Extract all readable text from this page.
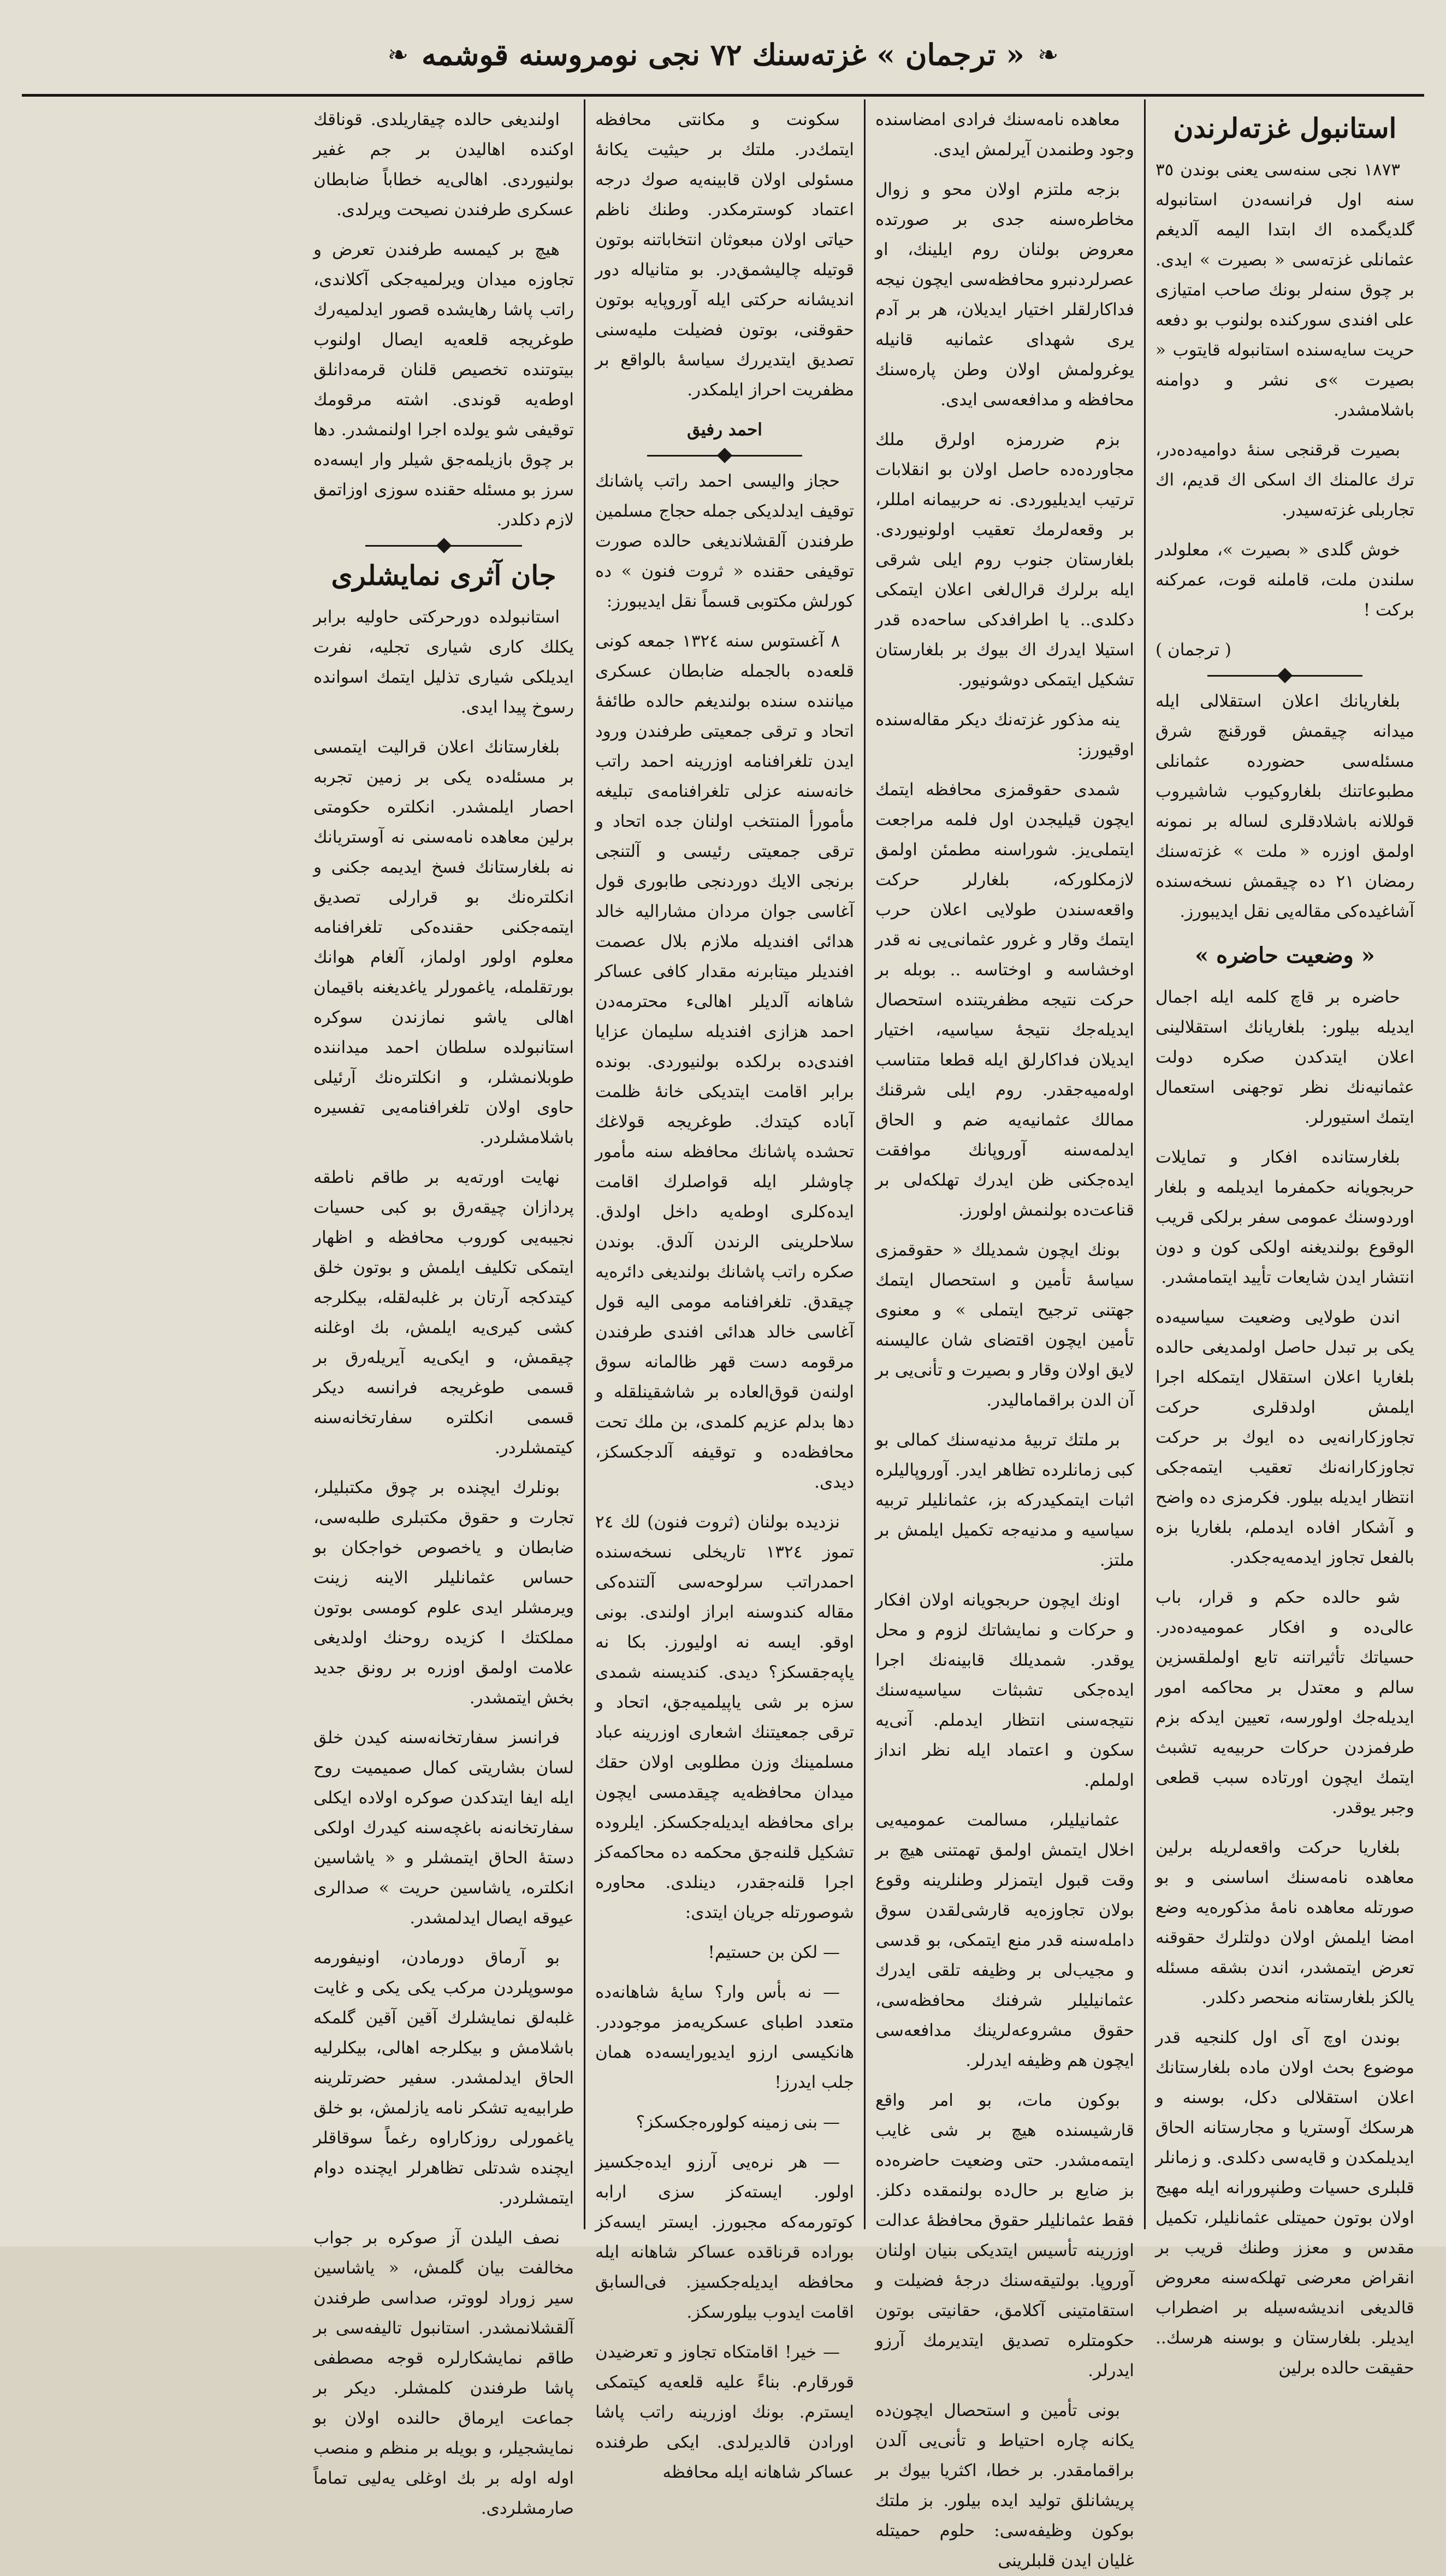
❧
« ترجمان » غزته‌سنك ٧٢ نجی نومروسنه قوشمه
❧
استانبول غزته‌لرندن

١٨٧٣ نجی سنه‌سی یعنی بوندن ٣٥ سنه اول فرانسه‌دن استانبوله گلدیگمده اك ابتدا الیمه آلدیغم عثمانلی غزته‌سی « بصیرت » ایدی. بر چوق سنه‌لر بونك صاحب امتیازی علی افندی سورکنده بولنوب بو دفعه حریت سایه‌سنده استانبوله قایتوب « بصیرت »ی نشر و دوامنه باشلامشدر.

بصیرت قرقنجی سنه‌ٔ دوامیه‌ده‌در، ترك عالمنك اك اسکی اك قدیم، اك تجاربلی غزته‌سیدر.

خوش گلدی « بصیرت »، معلولدر سلندن ملت، قاملنه قوت، عمرکنه برکت !

( ترجمان )

بلغاریانك اعلان استقلالی ایله میدانه چیقمش قورقنچ شرق مسئله‌سی حضورده عثمانلی مطبوعاتنك بلغاروکیوب شاشیروب قوللانه باشلادقلری لساله بر نمونه اولمق اوزره « ملت » غزته‌سنك رمضان ٢١ ده چیقمش نسخه‌سنده آشاغیده‌کی مقاله‌یی نقل ایدیبورز.

« وضعیت حاضره »

حاضره بر قاچ کلمه ایله اجمال ایدیله بیلور: بلغاریانك استقلالینی اعلان ایتدکدن صکره دولت عثمانیه‌نك نظر توجهنی استعمال ایتمك استیورلر.

بلغارستانده افکار و تمایلات حربجویانه حکمفرما ایدیلمه و بلغار اوردوسنك عمومی سفر برلکی قریب الوقوع بولندیغنه اولکی کون و دون انتشار ایدن شایعات تأیید ایتمامشدر.

اندن طولایی وضعیت سیاسیه‌ده یکی بر تبدل حاصل اولمدیغی حالده بلغاریا اعلان استقلال ایتمکله اجرا ایلمش اولدقلری حرکت تجاوزکارانه‌یی ده ایوك بر حرکت تجاوزکارانه‌نك تعقیب ایتمه‌جکی انتظار ایدیله بیلور. فکرمزی ده واضح و آشکار افاده ایدملم، بلغاریا بزه بالفعل تجاوز ایدمه‌یه‌جکدر.

شو حالده حکم و قرار، باب عالی‌ده و افکار عمومیه‌ده‌در. حسیاتك تأثیراتنه تابع اولملقسزین سالم و معتدل بر محاکمه امور ایدیله‌جك اولورسه، تعیین ایدکه بزم طرفمزدن حرکات حربیه‌یه تشبث ایتمك ایچون اورتاده سبب قطعی وجبر یوقدر.

بلغاریا حرکت واقعه‌لریله برلین معاهده نامه‌سنك اساسنی و بو صورتله معاهده نامهٔ مذکوره‌یه وضع امضا ایلمش اولان دولتلرك حقوقنه تعرض ایتمشدر، اندن بشقه مسئله یالکز بلغارستانه منحصر دکلدر.

بوندن اوچ آی اول کلنجیه قدر موضوع بحث اولان ماده بلغارستانك اعلان استقلالی دکل، بوسنه و هرسکك آوستریا و مجارستانه الحاق ایدیلمکدن و قایه‌سی دکلدی. و زمانلر قلبلری حسیات وطنپرورانه ایله مهیج اولان بوتون حمیتلی عثمانلیلر، تکمیل مقدس و معزز وطنك قریب بر انقراض معرضی تهلکه‌سنه معروض قالدیغی اندیشه‌سیله بر اضطراب ایدیلر. بلغارستان و بوسنه هرسك.. حقیقت حالده برلین

معاهده نامه‌سنك فرادی امضاسنده وجود وطنمدن آیرلمش ایدی.

بزجه ملتزم اولان محو و زوال مخاطره‌سنه جدی بر صورتده معروض بولنان روم ایلینك، او عصرلردنبرو محافظه‌سی ایچون نیجه فداکارلقلر اختیار ایدیلان، هر بر آدم یری شهدای عثمانیه قانیله یوغرولمش اولان وطن پاره‌سنك محافظه و مدافعه‌سی ایدی.

بزم ضررمزه اولرق ملك مجاورده‌ده حاصل اولان بو انقلابات ترتیب ایدیلیوردی. نه حربیمانه امللر، بر وقعه‌لرمك تعقیب اولونیوردی. بلغارستان جنوب روم ایلی شرقی ایله برلرك قرال‌لغی اعلان ایتمکی دکلدی.. یا اطرافدکی ساحه‌ده قدر استیلا ایدرك اك بیوك بر بلغارستان تشکیل ایتمکی دوشونیور.

ینه مذکور غزته‌نك دیکر مقاله‌سنده اوقیورز:

شمدی حقوقمزی محافظه ایتمك ایچون قیلیجدن اول فلمه مراجعت ایتملی‌یز. شوراسنه مطمئن اولمق لازمکلورکه، بلغارلر حرکت واقعه‌سندن طولایی اعلان حرب ایتمك وقار و غرور عثمانی‌یی نه قدر اوخشاسه و اوختاسه .. بوبله بر حرکت نتیجه مظفریتنده استحصال ایدیله‌جك نتیجهٔ سیاسیه، اختیار ایدیلان فداکارلق ایله قطعا متناسب اوله‌میه‌جقدر. روم ایلی شرقنك ممالك عثمانیه‌یه ضم و الحاق ایدلمه‌سنه آوروپانك موافقت ایده‌جکنی ظن ایدرك تهلکه‌لی بر قناعت‌ده بولنمش اولورز.

بونك ایچون شمدیلك « حقوقمزی سیاسهٔ تأمین و استحصال ایتمك جهتنی ترجیح ایتملی » و معنوی تأمین ایچون اقتضای شان عالیسنه لایق اولان وقار و بصیرت و تأنی‌یی بر آن الدن براقمامالیدر.

بر ملتك تربیهٔ مدنیه‌سنك کمالی بو کبی زمانلرده تظاهر ایدر. آوروپالیلره اثبات ایتمکیدرکه بز، عثمانلیلر تربیه سیاسیه و مدنیه‌جه تکمیل ایلمش بر ملتز.

اونك ایچون حربجویانه اولان افکار و حرکات و نمایشاتك لزوم و محل یوقدر. شمدیلك قابینه‌نك اجرا ایده‌جکی تشبثات سیاسیه‌سنك نتیجه‌سنی انتظار ایدملم. آنی‌یه سکون و اعتماد ایله نظر انداز اولملم.

عثمانیلیلر، مسالمت عمومیه‌یی اخلال ایتمش اولمق تهمتنی هیچ بر وقت قبول ایتمزلر وطنلرینه وقوع بولان تجاوزه‌یه قارشی‌لقدن سوق دامله‌سنه قدر منع ایتمکی، بو قدسی و مجیب‌لی بر وظیفه تلقی ایدرك عثمانیلیلر شرفنك محافظه‌سی، حقوق مشروعه‌لرینك مدافعه‌سی ایچون هم وظیفه ایدرلر.

بوکون مات، بو امر واقع قارشیسنده هیچ بر شی غایب ایتمه‌مشدر. حتی وضعیت حاضره‌ده بز ضایع بر حال‌ده بولنمقده دکلز. فقط عثمانلیلر حقوق محافظهٔ عدالت اوزرینه تأسیس ایتدیکی بنیان اولنان آوروپا. بولتیقه‌سنك درجهٔ فضیلت و استقامتینی آکلامق، حقانیتی بوتون حکومتلره تصدیق ایتدیرمك آرزو ایدرلر.

بونی تأمین و استحصال ایچون‌ده یکانه چاره احتیاط و تأنی‌یی آلدن براقمامقدر. بر خطا، اکثریا بیوك بر پریشانلق تولید ایده بیلور. بز ملتك بوکون وظیفه‌سی: حلوم حمیتله غلیان ایدن قلبلرینی

سکونت و مکانتی محافظه ایتمك‌در. ملتك بر حیثیت یکانهٔ مسئولی اولان قابینه‌یه صوك درجه اعتماد کوسترمکدر. وطنك ناظم حیاتی اولان مبعوثان انتخاباتنه بوتون قوتیله چالیشمق‌در. بو متانیاله دور اندیشانه حرکتی ایله آوروپایه بوتون حقوقنی، بوتون فضیلت ملیه‌سنی تصدیق ایتدیررك سیاسهٔ بالواقع بر مظفریت احراز ایلمکدر.

احمد رفیق

حجاز والیسی احمد راتب پاشانك توقیف ایدلدیکی جمله حجاج مسلمین طرفندن آلقشلاندیغی حالده صورت توقیفی حقنده « ثروت فنون » ده کورلش مکتوبی قسماً نقل ایدیبورز:

٨ آغستوس سنه ١٣٢٤ جمعه کونی قلعه‌ده بالجمله ضابطان عسکری میاننده سنده بولندیغم حالده طائفهٔ اتحاد و ترقی جمعیتی طرفندن ورود ایدن تلغرافنامه اوزرینه احمد راتب خانه‌سنه عزلی تلغرافنامه‌ی تبلیغه مأمورأ المنتخب اولنان جده اتحاد و ترقی جمعیتی رئیسی و آلتنجی برنجی الایك دوردنجی طابوری قول آغاسی جوان مردان مشارالیه خالد هدائی افندیله ملازم بلال عصمت افندیلر میتابرنه مقدار کافی عساکر شاهانه آلدیلر اهالی‌ء محترمه‌دن احمد هزازی افندیله سلیمان عزایا افندی‌ده برلکده بولنیوردی. بونده برابر اقامت ایتدیکی خانهٔ ظلمت آباده کیتدك. طوغریجه قولاغك تحشده پاشانك محافظه سنه مأمور چاوشلر ایله قواصلرك اقامت ایده‌کلری اوطه‌یه داخل اولدق. سلاحلرینی الرندن آلدق. بوندن صکره راتب پاشانك بولندیغی دائره‌یه چیقدق. تلغرافنامه مومی الیه قول آغاسی خالد هدائی افندی طرفندن مرقومه دست قهر ظالمانه سوق اولنه‌ن قوق‌العاده بر شاشقینلقله و دها بدلم عزیم کلمدی، بن ملك تحت محافظه‌ده و توقیفه آلدجکسکز، دیدی.

نزدیده بولنان (ثروت فنون) لك ٢٤ تموز ١٣٢٤ تاریخلی نسخه‌سنده احمدراتب سرلوحه‌سی آلتنده‌کی مقاله کندوسنه ابراز اولندی. بونی اوقو. ایسه نه اولیورز. بکا نه یاپه‌جقسکز؟ دیدی. کندیسنه شمدی سزه بر شی یاپیلمیه‌جق، اتحاد و ترقی جمعیتنك اشعاری اوزرینه عباد مسلمینك وزن مطلوبی اولان حقك میدان محافظه‌یه چیقدمسی ایچون برای محافظه ایدیله‌جکسکز. ایلروده تشکیل قلنه‌جق محکمه ده محاکمه‌کز اجرا قلنه‌جقدر، دینلدی. محاوره شوصورتله جریان ایتدی:

— لکن بن حستیم!

— نه بأس وار؟ سایهٔ شاهانه‌ده متعدد اطبای عسکریه‌مز موجوددر. هانکیسی ارزو ایدیورایسه‌ده همان جلب ایدرز!

— بنی زمینه کولوره‌جکسکز؟

— هر نره‌یی آرزو ایده‌جکسیز اولور. ایسته‌کز سزی ارابه کوتورمه‌که مجبورز. ایستر ایسه‌کز بوراده قرناقده عساکر شاهانه ایله محافظه ایدیله‌جکسیز. فی‌السابق اقامت ایدوب بیلورسکز.

— خیر! اقامتکاه تجاوز و تعرضیدن قورقارم. بناءً علیه قلعه‌یه کیتمکی ایسترم. بونك اوزرینه راتب پاشا اورادن قالدیرلدی. ایکی طرفنده عساکر شاهانه ایله محافظه

اولندیغی حالده چیقاریلدی. قوناقك اوکنده اهالیدن بر جم غفیر بولنیوردی. اهالی‌یه خطاباً ضابطان عسکری طرفندن نصیحت ویرلدی.

هیچ بر کیمسه طرفندن تعرض و تجاوزه میدان ویرلمیه‌جکی آکلاندی، راتب پاشا رهایشده قصور ایدلمیه‌رك طوغریجه قلعه‌یه ایصال اولنوب بیتوتنده تخصیص قلنان قرمه‌دانلق اوطه‌یه قوندی. اشته مرقومك توقیفی شو یولده اجرا اولنمشدر. دها بر چوق بازیلمه‌جق شیلر وار ایسه‌ده سرز بو مسئله حقنده سوزی اوزاتمق لازم دکلدر.

جان آثری نمایشلری

استانبولده دورحرکتی حاولیه برابر یکلك کاری شیاری تجلیه، نفرت ایدیلکی شیاری تذلیل ایتمك اسوانده رسوخ پیدا ایدی.

بلغارستانك اعلان قرالیت ایتمسی بر مسئله‌ده یکی بر زمین تجربه احصار ایلمشدر. انکلتره حکومتی برلین معاهده نامه‌سنی نه آوستریانك نه بلغارستانك فسخ ایدیمه جکنی و انکلتره‌نك بو قرارلی تصدیق ایتمه‌جکنی حقنده‌کی تلغرافنامه معلوم اولور اولماز، آلغام هوانك بورتقلمله، یاغمورلر یاغدیغنه باقیمان اهالی یاشو نمازندن سوکره استانبولده سلطان احمد میداننده طوبلانمشلر، و انکلتره‌نك آرئیلی حاوی اولان تلغرافنامه‌یی تفسیره باشلامشلردر.

نهایت اورته‌یه بر طاقم ناطقه پردازان چیقه‌رق بو کبی حسیات نجیبه‌یی کوروب محافظه و اظهار ایتمکی تکلیف ایلمش و بوتون خلق کیتدکجه آرتان بر غلبه‌لقله، بیکلرجه کشی کیری‌یه ایلمش، بك اوغلنه چیقمش، و ایکی‌یه آیریله‌رق بر قسمی طوغریجه فرانسه دیکر قسمی انکلتره سفارتخانه‌سنه کیتمشلردر.

بونلرك ایچنده بر چوق مکتبلیلر، تجارت و حقوق مکتبلری طلبه‌سی، ضابطان و یاخصوص خواجکان بو حساس عثمانلیلر الاینه زینت ویرمشلر ایدی علوم کومسی بوتون مملکتك ا کزیده روحنك اولدیغی علامت اولمق اوزره بر رونق جدید بخش ایتمشدر.

فرانسز سفارتخانه‌سنه کیدن خلق لسان بشاریتی کمال صمیمیت روح ایله ایفا ایتدکدن صوکره اولاده ایکلی سفارتخانه‌نه باغچه‌سنه کیدرك اولکی دستهٔ الحاق ایتمشلر و « یاشاسین انکلتره، یاشاسین حریت » صدالری عیوقه ایصال ایدلمشدر.

بو آرماق دورمادن، اونیفورمه موسوپلردن مرکب یکی یکی و غایت غلبه‌لق نمایشلرك آقین آقین گلمکه باشلامش و بیکلرجه اهالی، بیکلرلیه الحاق ایدلمشدر. سفیر حضرتلرینه طرابیه‌یه تشکر نامه یازلمش، بو خلق یاغمورلی روزکاراوه رغماً سوقاقلر ایچنده شدتلی تظاهرلر ایچنده دوام ایتمشلردر.

نصف الیلدن آز صوکره بر جواب مخالفت بیان گلمش، « یاشاسین سیر زوراد لووتر، صداسی طرفندن آلقشلانمشدر. استانبول تالیفه‌سی بر طاقم نمایشکارلره قوجه مصطفی پاشا طرفندن کلمشلر. دیکر بر جماعت ایرماق حالنده اولان بو نمایشجیلر، و بویله بر منظم و منصب اوله اوله بر بك اوغلی یه‌لیی تماماً صارمشلردی.
